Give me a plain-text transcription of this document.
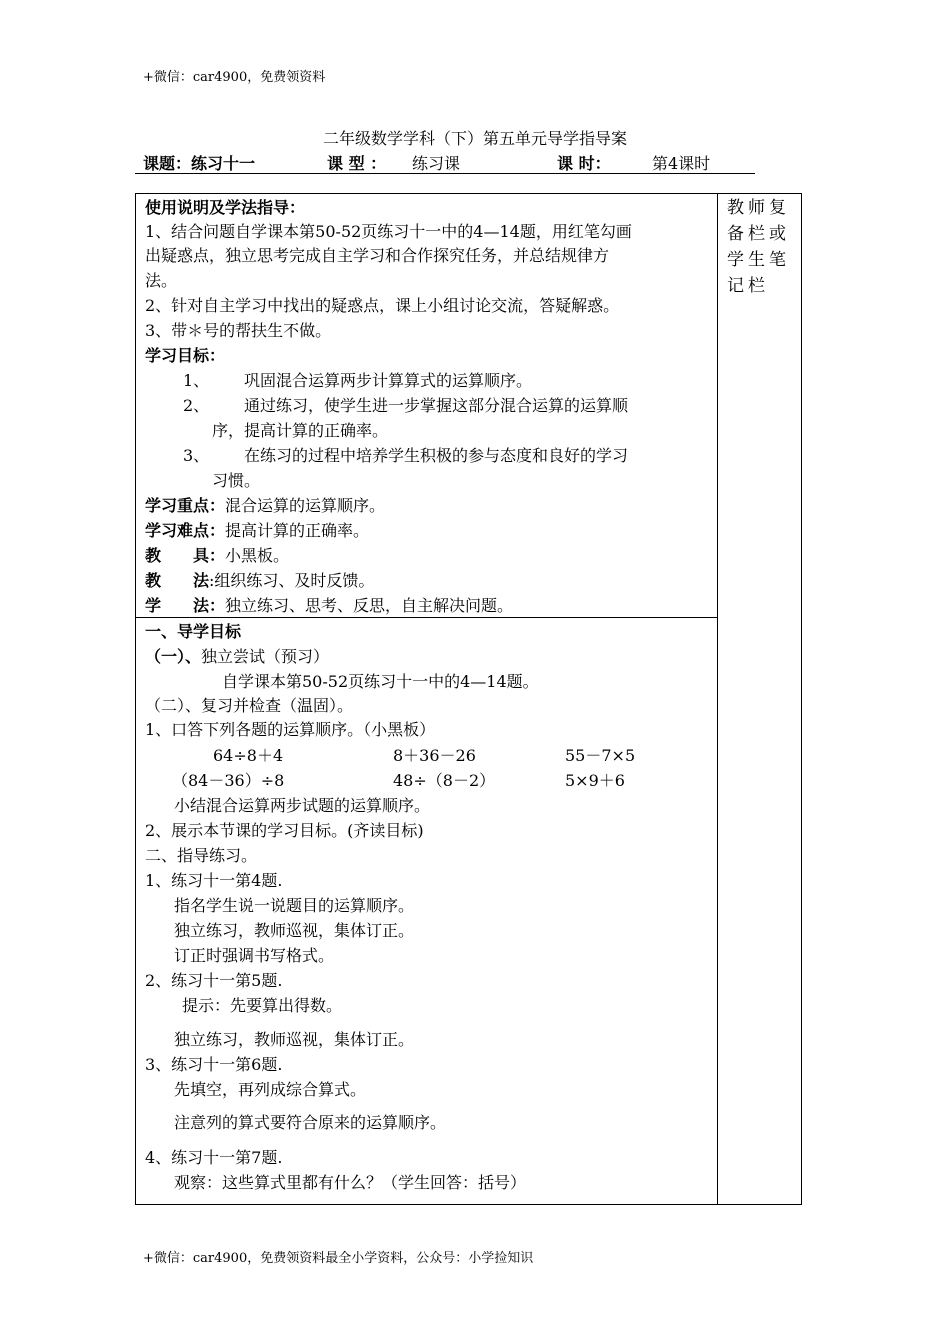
+微信：car4900，免费领资料
二年级数学学科（下）第五单元导学指导案
课题：练习十一	课 型 ： 练习课	课 时：	第4课时
教师复备栏或学生笔记栏
使用说明及学法指导：
1、结合问题自学课本第50-52页练习十一中的4—14题，用红笔勾画
出疑惑点，独立思考完成自主学习和合作探究任务，并总结规律方
法。
2、针对自主学习中找出的疑惑点，课上小组讨论交流，答疑解惑。
3、带＊号的帮扶生不做。
学习目标：
1、 巩固混合运算两步计算算式的运算顺序。
2、 通过练习，使学生进一步掌握这部分混合运算的运算顺
序，提高计算的正确率。
3、 在练习的过程中培养学生积极的参与态度和良好的学习
习惯。
学习重点：混合运算的运算顺序。
学习难点：提高计算的正确率。
教　　具：小黑板。
教　　法:组织练习、及时反馈。
学　　法：独立练习、思考、反思，自主解决问题。
一、导学目标
（一）、独立尝试（预习）
自学课本第50-52页练习十一中的4—14题。
（二）、复习并检查（温固）。
1、口答下列各题的运算顺序。（小黑板）
64÷8＋4	8＋36－26	55－7×5
（84－36）÷8	48÷（8－2）	5×9＋6
小结混合运算两步试题的运算顺序。
2、展示本节课的学习目标。(齐读目标)
二、指导练习。
1、练习十一第4题.
指名学生说一说题目的运算顺序。
独立练习，教师巡视，集体订正。
订正时强调书写格式。
2、练习十一第5题.
提示：先要算出得数。
独立练习，教师巡视，集体订正。
3、练习十一第6题.
先填空，再列成综合算式。
注意列的算式要符合原来的运算顺序。
4、练习十一第7题.
观察：这些算式里都有什么？（学生回答：括号）
+微信：car4900，免费领资料最全小学资料，公众号：小学捡知识
